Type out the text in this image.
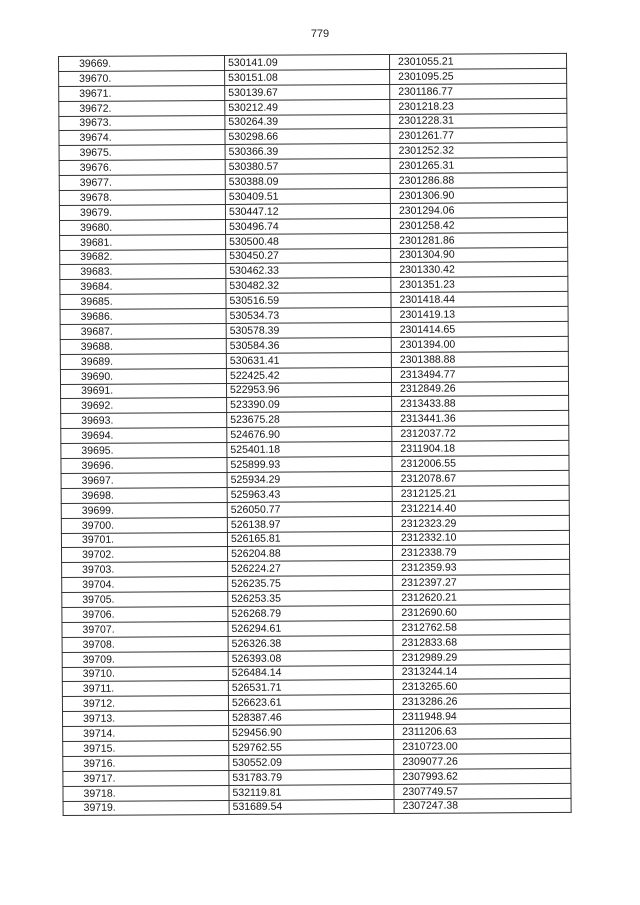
779
39669.	530141.09	2301055.21
39670.	530151.08	2301095.25
39671.	530139.67	2301186.77
39672.	530212.49	2301218.23
39673.	530264.39	2301228.31
39674.	530298.66	2301261.77
39675.	530366.39	2301252.32
39676.	530380.57	2301265.31
39677.	530388.09	2301286.88
39678.	530409.51	2301306.90
39679.	530447.12	2301294.06
39680.	530496.74	2301258.42
39681.	530500.48	2301281.86
39682.	530450.27	2301304.90
39683.	530462.33	2301330.42
39684.	530482.32	2301351.23
39685.	530516.59	2301418.44
39686.	530534.73	2301419.13
39687.	530578.39	2301414.65
39688.	530584.36	2301394.00
39689.	530631.41	2301388.88
39690.	522425.42	2313494.77
39691.	522953.96	2312849.26
39692.	523390.09	2313433.88
39693.	523675.28	2313441.36
39694.	524676.90	2312037.72
39695.	525401.18	2311904.18
39696.	525899.93	2312006.55
39697.	525934.29	2312078.67
39698.	525963.43	2312125.21
39699.	526050.77	2312214.40
39700.	526138.97	2312323.29
39701.	526165.81	2312332.10
39702.	526204.88	2312338.79
39703.	526224.27	2312359.93
39704.	526235.75	2312397.27
39705.	526253.35	2312620.21
39706.	526268.79	2312690.60
39707.	526294.61	2312762.58
39708.	526326.38	2312833.68
39709.	526393.08	2312989.29
39710.	526484.14	2313244.14
39711.	526531.71	2313265.60
39712.	526623.61	2313286.26
39713.	528387.46	2311948.94
39714.	529456.90	2311206.63
39715.	529762.55	2310723.00
39716.	530552.09	2309077.26
39717.	531783.79	2307993.62
39718.	532119.81	2307749.57
39719.	531689.54	2307247.38
